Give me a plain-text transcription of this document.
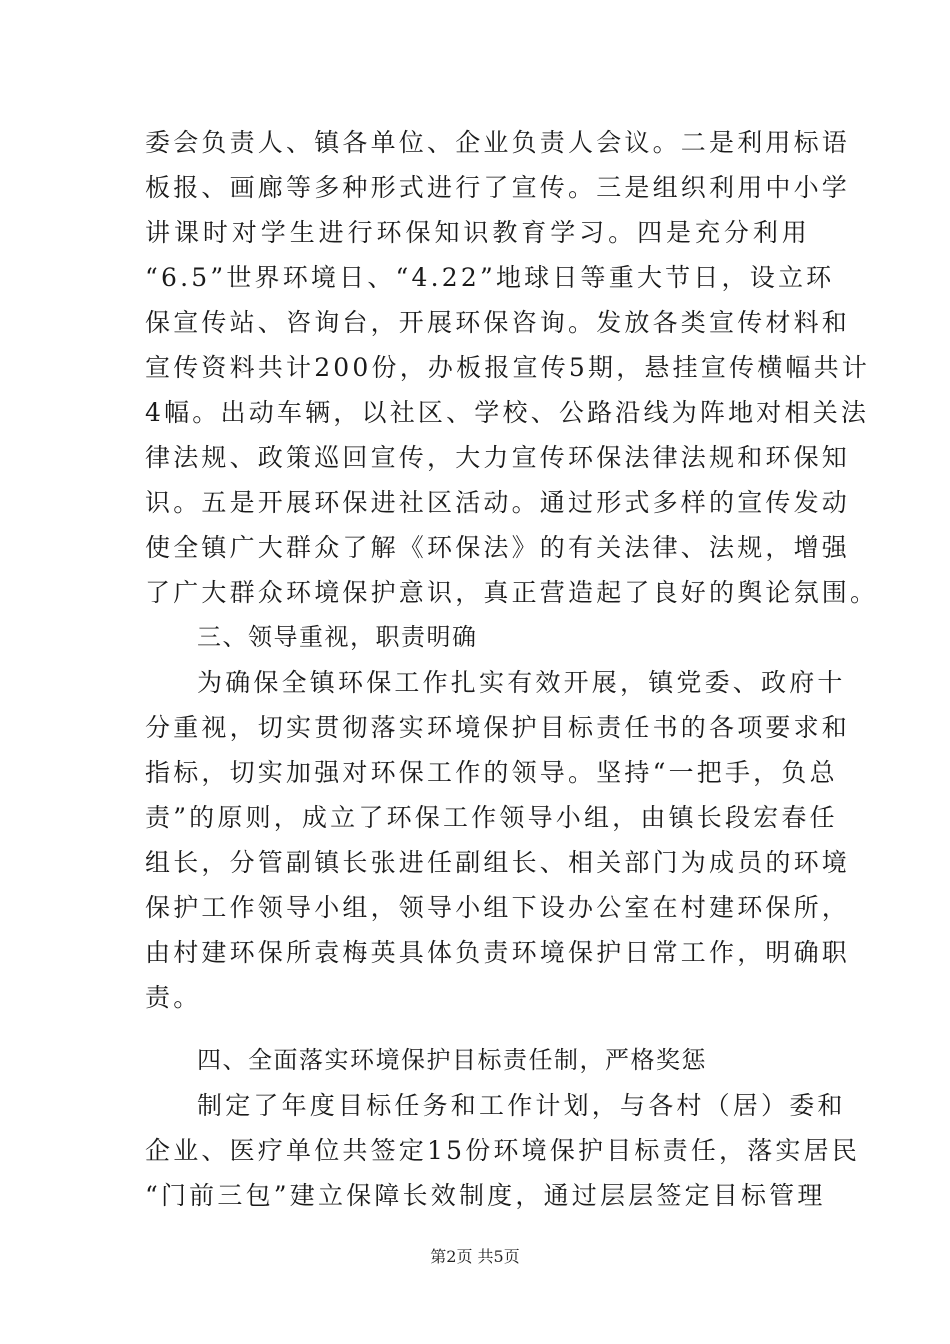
委会负责人、镇各单位、企业负责人会议。二是利用标语
板报、画廊等多种形式进行了宣传。三是组织利用中小学
讲课时对学生进行环保知识教育学习。四是充分利用
“6.5”世界环境日、“4.22”地球日等重大节日，设立环
保宣传站、咨询台，开展环保咨询。发放各类宣传材料和
宣传资料共计200份，办板报宣传5期，悬挂宣传横幅共计
4幅。出动车辆，以社区、学校、公路沿线为阵地对相关法
律法规、政策巡回宣传，大力宣传环保法律法规和环保知
识。五是开展环保进社区活动。通过形式多样的宣传发动
使全镇广大群众了解《环保法》的有关法律、法规，增强
了广大群众环境保护意识，真正营造起了良好的舆论氛围。
三、领导重视，职责明确
为确保全镇环保工作扎实有效开展，镇党委、政府十
分重视，切实贯彻落实环境保护目标责任书的各项要求和
指标，切实加强对环保工作的领导。坚持“一把手，负总
责”的原则，成立了环保工作领导小组，由镇长段宏春任
组长，分管副镇长张进任副组长、相关部门为成员的环境
保护工作领导小组，领导小组下设办公室在村建环保所，
由村建环保所袁梅英具体负责环境保护日常工作，明确职
责。
四、全面落实环境保护目标责任制，严格奖惩
制定了年度目标任务和工作计划，与各村（居）委和
企业、医疗单位共签定15份环境保护目标责任，落实居民
“门前三包”建立保障长效制度，通过层层签定目标管理
第2页 共5页
